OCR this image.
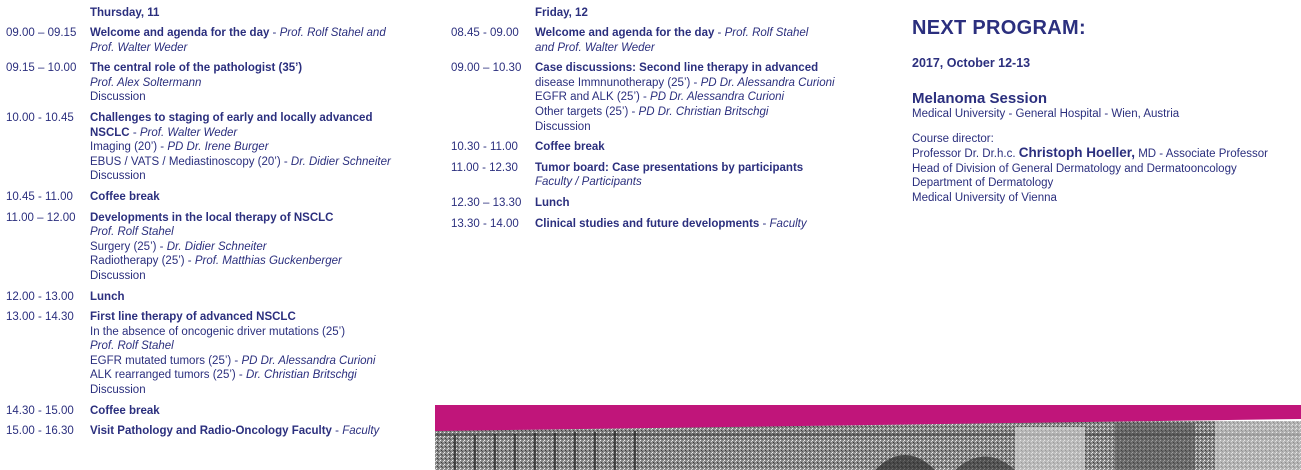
Thursday, 11
09.00 – 09.15	Welcome and agenda for the day - Prof. Rolf Stahel and
Prof. Walter Weder
09.15 – 10.00	The central role of the pathologist (35’)
Prof. Alex Soltermann
Discussion
10.00 - 10.45	Challenges to staging of early and locally advanced
NSCLC - Prof. Walter Weder
Imaging (20’) - PD Dr. Irene Burger
EBUS / VATS / Mediastinoscopy (20’) - Dr. Didier Schneiter
Discussion
10.45 - 11.00	Coffee break
11.00 – 12.00	Developments in the local therapy of NSCLC
Prof. Rolf Stahel
Surgery (25’) - Dr. Didier Schneiter
Radiotherapy (25’) - Prof. Matthias Guckenberger
Discussion
12.00 - 13.00	Lunch
13.00 - 14.30	First line therapy of advanced NSCLC
In the absence of oncogenic driver mutations (25’)
Prof. Rolf Stahel
EGFR mutated tumors (25’) - PD Dr. Alessandra Curioni
ALK rearranged tumors (25’) - Dr. Christian Britschgi
Discussion
14.30 - 15.00	Coffee break
15.00 - 16.30	Visit Pathology and Radio-Oncology Faculty - Faculty
Friday, 12
08.45 - 09.00	Welcome and agenda for the day - Prof. Rolf Stahel
and Prof. Walter Weder
09.00 – 10.30	Case discussions: Second line therapy in advanced
disease Immnunotherapy (25’) - PD Dr. Alessandra Curioni
EGFR and ALK (25’) - PD Dr. Alessandra Curioni
Other targets (25’) - PD Dr. Christian Britschgi
Discussion
10.30 - 11.00	Coffee break
11.00 - 12.30	Tumor board: Case presentations by participants
Faculty / Participants
12.30 – 13.30	Lunch
13.30 - 14.00	Clinical studies and future developments - Faculty
NEXT PROGRAM:
2017, October 12-13
Melanoma Session
Medical University - General Hospital - Wien, Austria
Course director:
Professor Dr. Dr.h.c. Christoph Hoeller, MD - Associate Professor
Head of Division of General Dermatology and Dermatooncology
Department of Dermatology
Medical University of Vienna
